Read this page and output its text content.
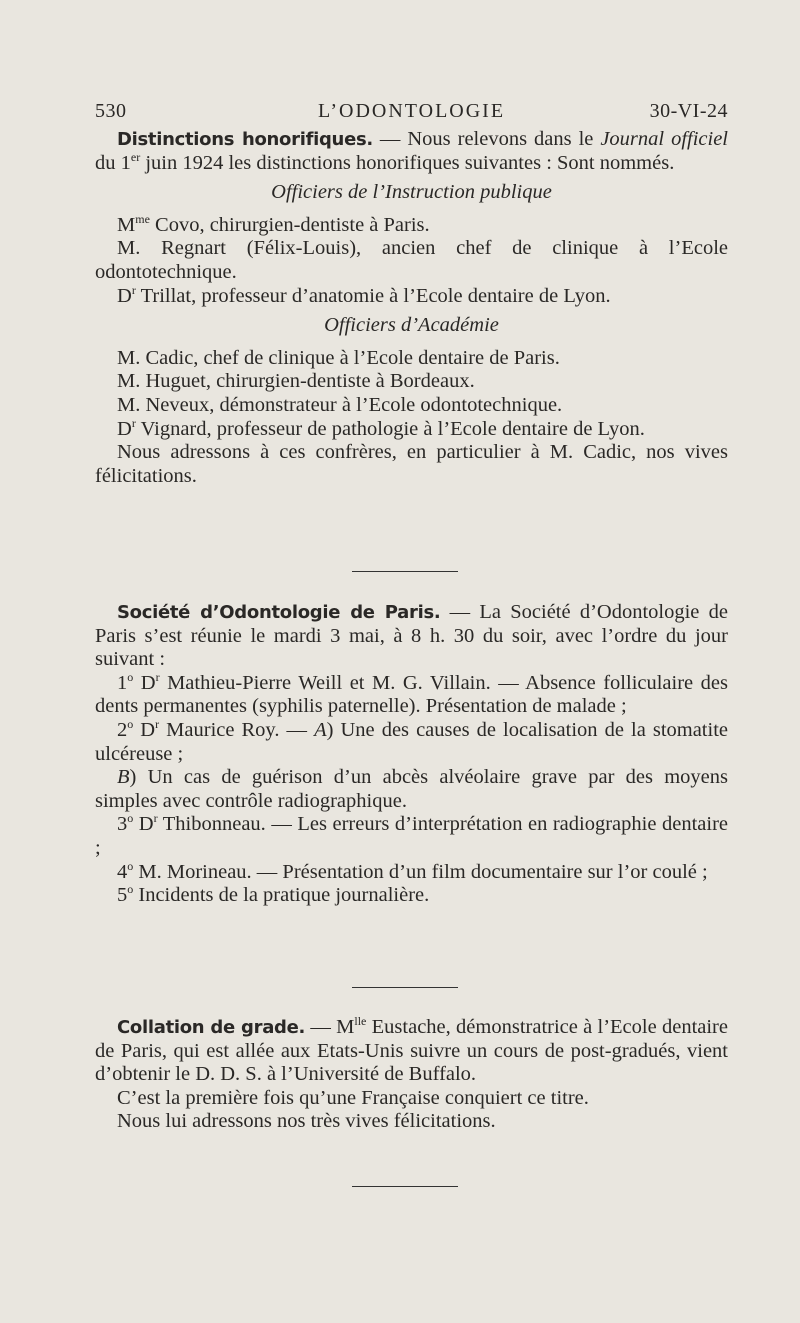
530	L’ODONTOLOGIE	30-VI-24

Distinctions honorifiques. — Nous relevons dans le Journal officiel du 1er juin 1924 les distinctions honorifiques suivantes : Sont nommés.

Officiers de l’Instruction publique

$M^{me}$ Covo, chirurgien-dentiste à Paris.

M. Regnart (Félix-Louis), ancien chef de clinique à l’Ecole odontotechnique.

$D^r$ Trillat, professeur d’anatomie à l’Ecole dentaire de Lyon.

Officiers d’Académie

M. Cadic, chef de clinique à l’Ecole dentaire de Paris.

M. Huguet, chirurgien-dentiste à Bordeaux.

M. Neveux, démonstrateur à l’Ecole odontotechnique.

$D^r$ Vignard, professeur de pathologie à l’Ecole dentaire de Lyon.

Nous adressons à ces confrères, en particulier à M. Cadic, nos vives félicitations.

Société d’Odontologie de Paris. — La Société d’Odontologie de Paris s’est réunie le mardi 3 mai, à 8 h. 30 du soir, avec l’ordre du jour suivant :

1$^o$ $D^r$ Mathieu-Pierre Weill et M. G. Villain. — Absence folliculaire des dents permanentes (syphilis paternelle). Présentation de malade ;

2$^o$ $D^r$ Maurice Roy. — A) Une des causes de localisation de la stomatite ulcéreuse ;

B) Un cas de guérison d’un abcès alvéolaire grave par des moyens simples avec contrôle radiographique.

3$^o$ $D^r$ Thibonneau. — Les erreurs d’interprétation en radiographie dentaire ;

4$^o$ M. Morineau. — Présentation d’un film documentaire sur l’or coulé ;

5$^o$ Incidents de la pratique journalière.

Collation de grade. — $M^{lle}$ Eustache, démonstratrice à l’Ecole dentaire de Paris, qui est allée aux Etats-Unis suivre un cours de post-gradués, vient d’obtenir le D. D. S. à l’Université de Buffalo.

C’est la première fois qu’une Française conquiert ce titre.

Nous lui adressons nos très vives félicitations.
